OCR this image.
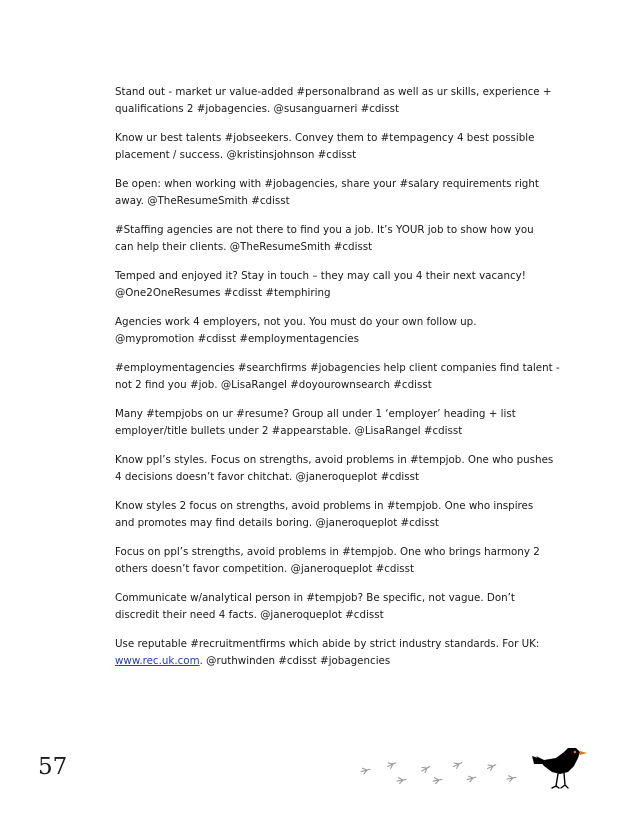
Stand out - market ur value-added #personalbrand as well as ur skills, experience +
qualifications 2 #jobagencies. @susanguarneri #cdisst

Know ur best talents #jobseekers. Convey them to #tempagency 4 best possible
placement / success. @kristinsjohnson #cdisst

Be open: when working with #jobagencies, share your #salary requirements right
away. @TheResumeSmith #cdisst

#Staffing agencies are not there to find you a job. It’s YOUR job to show how you
can help their clients. @TheResumeSmith #cdisst

Temped and enjoyed it? Stay in touch – they may call you 4 their next vacancy!
@One2OneResumes #cdisst #temphiring

Agencies work 4 employers, not you. You must do your own follow up.
@mypromotion #cdisst #employmentagencies

#employmentagencies #searchfirms #jobagencies help client companies find talent -
not 2 find you #job. @LisaRangel #doyourownsearch #cdisst

Many #tempjobs on ur #resume? Group all under 1 ‘employer’ heading + list
employer/title bullets under 2 #appearstable. @LisaRangel #cdisst

Know ppl’s styles. Focus on strengths, avoid problems in #tempjob. One who pushes
4 decisions doesn’t favor chitchat. @janeroqueplot #cdisst

Know styles 2 focus on strengths, avoid problems in #tempjob. One who inspires
and promotes may find details boring. @janeroqueplot #cdisst

Focus on ppl’s strengths, avoid problems in #tempjob. One who brings harmony 2
others doesn’t favor competition. @janeroqueplot #cdisst

Communicate w/analytical person in #tempjob? Be specific, not vague. Don’t
discredit their need 4 facts. @janeroqueplot #cdisst

Use reputable #recruitmentfirms which abide by strict industry standards. For UK:
www.rec.uk.com. @ruthwinden #cdisst #jobagencies

57
